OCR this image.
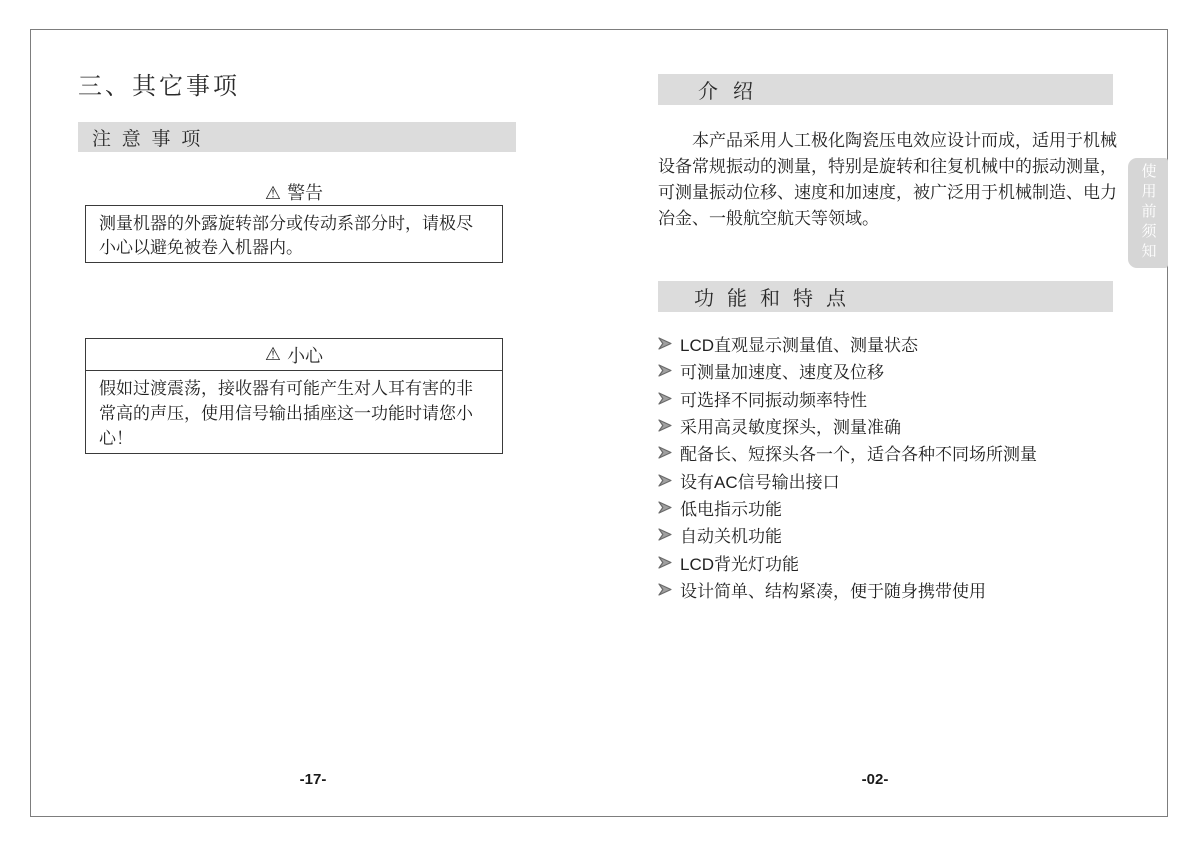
三、其它事项
注 意 事 项
⚠ 警告
测量机器的外露旋转部分或传动系部分时，请极尽小心以避免被卷入机器内。
⚠ 小心
假如过渡震荡，接收器有可能产生对人耳有害的非常高的声压，使用信号输出插座这一功能时请您小心！
-17-
介 绍

本产品采用人工极化陶瓷压电效应设计而成，适用于机械设备常规振动的测量，特别是旋转和往复机械中的振动测量，可测量振动位移、速度和加速度，被广泛用于机械制造、电力冶金、一般航空航天等领域。

功 能 和 特 点
LCD直观显示测量值、测量状态
可测量加速度、速度及位移
可选择不同振动频率特性
采用高灵敏度探头，测量准确
配备长、短探头各一个，适合各种不同场所测量
设有AC信号输出接口
低电指示功能
自动关机功能
LCD背光灯功能
设计简单、结构紧凑，便于随身携带使用
-02-
使用前须知
